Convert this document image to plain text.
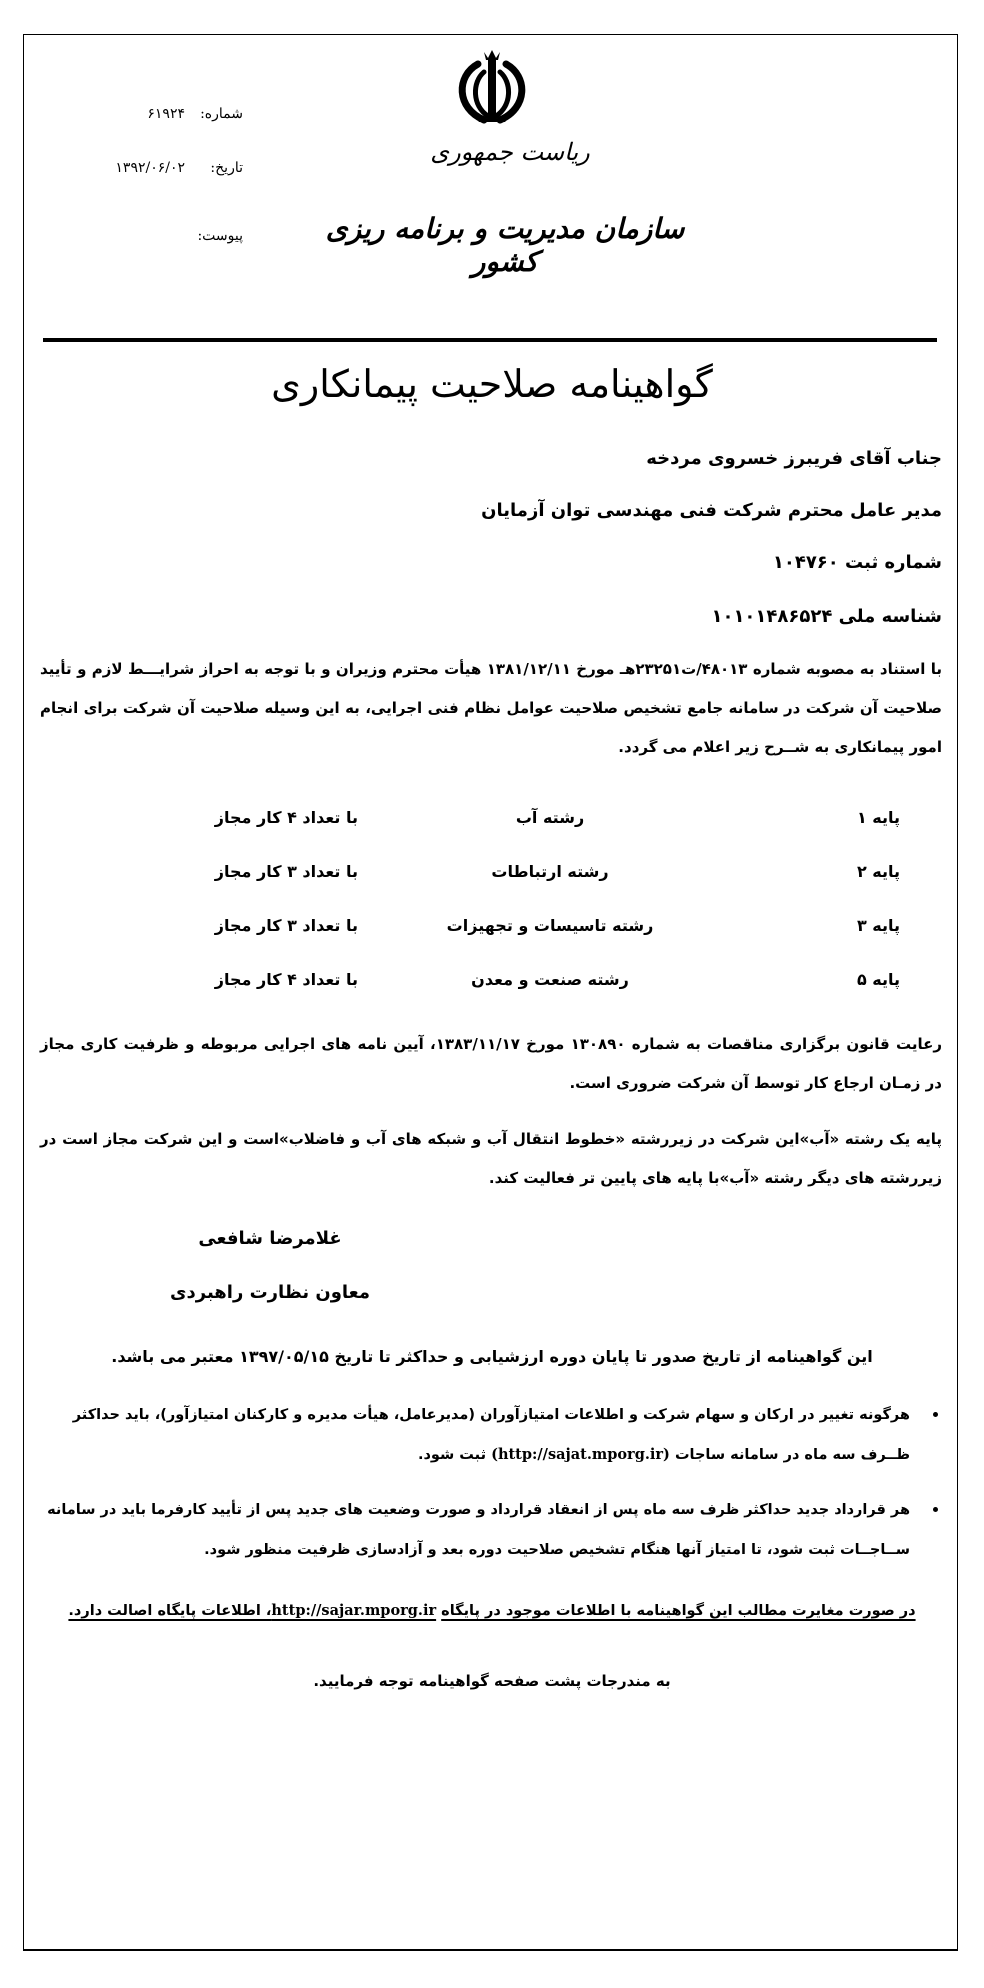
شماره:
۶۱۹۲۴
تاریخ:
۱۳۹۲/۰۶/۰۲
پیوست:
ریاست جمهوری
سازمان مدیریت و برنامه ریزی کشور
گواهینامه صلاحیت پیمانکاری
جناب آقای فریبرز خسروی مردخه
مدیر عامل محترم شرکت فنی مهندسی توان آزمایان
شماره ثبت ۱۰۴۷۶۰
شناسه ملی ۱۰۱۰۱۴۸۶۵۲۴
با استناد به مصوبه شماره ۴۸۰۱۳/ت۲۳۲۵۱هـ مورخ ۱۳۸۱/۱۲/۱۱ هیأت محترم وزیران و با توجه به احراز شرایـــط لازم و تأیید صلاحیت آن شرکت در سامانه جامع تشخیص صلاحیت عوامل نظام فنی اجرایی، به این وسیله صلاحیت آن شرکت برای انجام امور پیمانکاری به شــرح زیر اعلام می گردد.
پایه ۱
رشته آب
با تعداد ۴ کار مجاز
پایه ۲
رشته ارتباطات
با تعداد ۳ کار مجاز
پایه ۳
رشته تاسیسات و تجهیزات
با تعداد ۳ کار مجاز
پایه ۵
رشته صنعت و معدن
با تعداد ۴ کار مجاز
رعایت قانون برگزاری مناقصات به شماره ۱۳۰۸۹۰ مورخ ۱۳۸۳/۱۱/۱۷، آیین نامه های اجرایی مربوطه و ظرفیت کاری مجاز در زمـان ارجاع کار توسط آن شرکت ضروری است.
پایه یک رشته «آب»این شرکت در زیررشته «خطوط انتقال آب و شبکه های آب و فاضلاب»است و این شرکت مجاز است در زیررشته های دیگر رشته «آب»با پایه های پایین تر فعالیت کند.
غلامرضا شافعی
معاون نظارت راهبردی
این گواهینامه از تاریخ صدور تا پایان دوره ارزشیابی و حداکثر تا تاریخ ۱۳۹۷/۰۵/۱۵ معتبر می باشد.
هرگونه تغییر در ارکان و سهام شرکت و اطلاعات امتیازآوران (مدیرعامل، هیأت مدیره و کارکنان امتیازآور)، باید حداکثر ظــرف سه ماه در سامانه ساجات (http://sajat.mporg.ir) ثبت شود.
هر قرارداد جدید حداکثر ظرف سه ماه پس از انعقاد قرارداد و صورت وضعیت های جدید پس از تأیید کارفرما باید در سامانه ســاجــات ثبت شود، تا امتیاز آنها هنگام تشخیص صلاحیت دوره بعد و آزادسازی ظرفیت منظور شود.
در صورت مغایرت مطالب این گواهینامه با اطلاعات موجود در پایگاه http://sajar.mporg.ir، اطلاعات پایگاه اصالت دارد.
به مندرجات پشت صفحه گواهینامه توجه فرمایید.
